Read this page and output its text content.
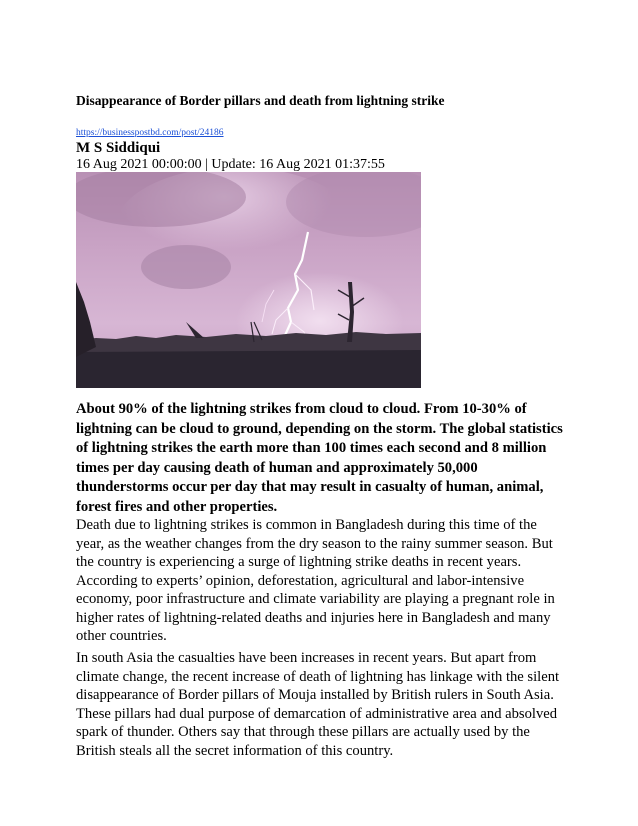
Disappearance of Border pillars and death from lightning strike
https://businesspostbd.com/post/24186
M S Siddiqui
16 Aug 2021 00:00:00 | Update: 16 Aug 2021 01:37:55

About 90% of the lightning strikes from cloud to cloud. From 10-30% of lightning can be cloud to ground, depending on the storm. The global statistics of lightning strikes the earth more than 100 times each second and 8 million times per day causing death of human and approximately 50,000 thunderstorms occur per day that may result in casualty of human, animal, forest fires and other properties.

Death due to lightning strikes is common in Bangladesh during this time of the year, as the weather changes from the dry season to the rainy summer season. But the country is experiencing a surge of lightning strike deaths in recent years. According to experts’ opinion, deforestation, agricultural and labor-intensive economy, poor infrastructure and climate variability are playing a pregnant role in higher rates of lightning-related deaths and injuries here in Bangladesh and many other countries.

In south Asia the casualties have been increases in recent years. But apart from climate change, the recent increase of death of lightning has linkage with the silent disappearance of Border pillars of Mouja installed by British rulers in South Asia. These pillars had dual purpose of demarcation of administrative area and absolved spark of thunder. Others say that through these pillars are actually used by the British steals all the secret information of this country.
